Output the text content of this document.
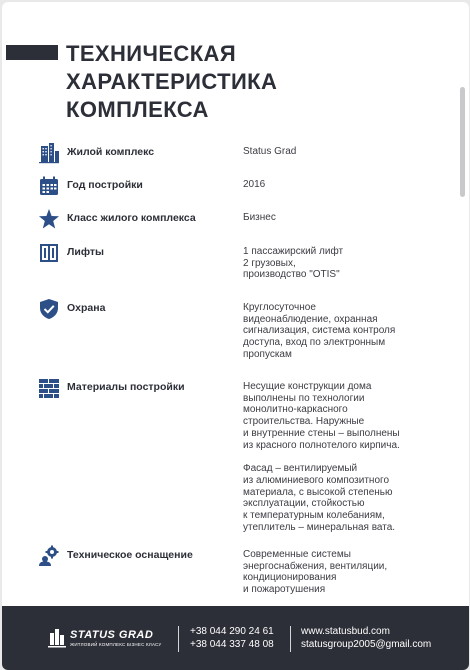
ТЕХНИЧЕСКАЯ
ХАРАКТЕРИСТИКА
КОМПЛЕКСА
Жилой комплекс	Status Grad
Год постройки	2016
Класс жилого комплекса	Бизнес
Лифты	1 пассажирский лифт
2 грузовых,
производство "OTIS"
Охрана	Круглосуточное
видеонаблюдение, охранная
сигнализация, система контроля
доступа, вход по электронным
пропускам
Материалы постройки	Несущие конструкции дома
выполнены по технологии
монолитно-каркасного
строительства. Наружные
и внутренние стены – выполнены
из красного полнотелого кирпича.
Фасад – вентилируемый
из алюминиевого композитного
материала, с высокой степенью
эксплуатации, стойкостью
к температурным колебаниям,
утеплитель – минеральная вата.
Техническое оснащение	Современные системы
энергоснабжения, вентиляции,
кондиционирования
и пожаротушения
STATUS GRAD
ЖИТЛОВИЙ КОМПЛЕКС БІЗНЕС КЛАСУ
+38 044 290 24 61
+38 044 337 48 08
www.statusbud.com
statusgroup2005@gmail.com
